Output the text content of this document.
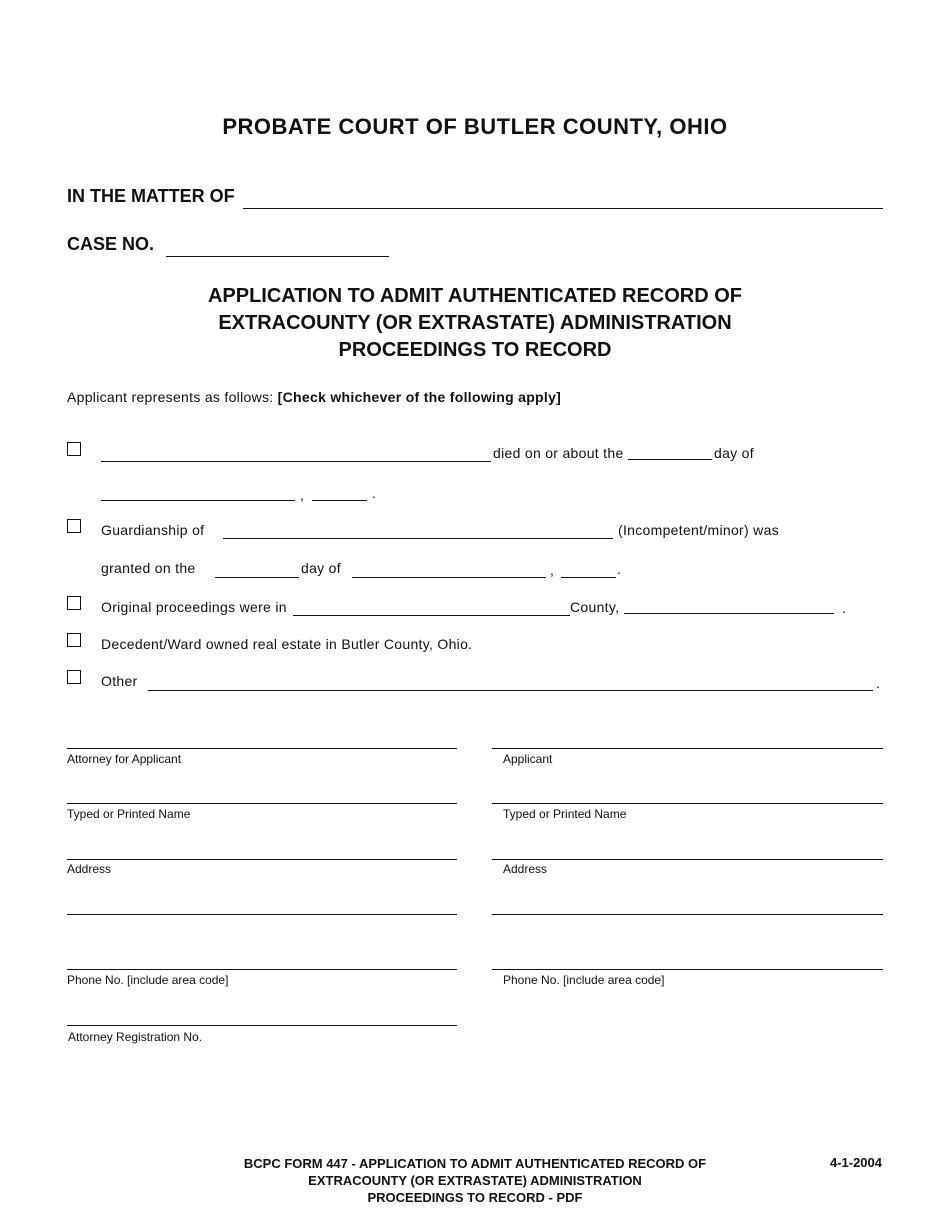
PROBATE COURT OF BUTLER COUNTY, OHIO
IN THE MATTER OF
CASE NO.
APPLICATION TO ADMIT AUTHENTICATED RECORD OF
EXTRACOUNTY (OR EXTRASTATE) ADMINISTRATION
PROCEEDINGS TO RECORD
Applicant represents as follows: [Check whichever of the following apply]
died on or about the	day of
,	.
Guardianship of	(Incompetent/minor) was
granted on the	day of	,	.
Original proceedings were in	County,	.
Decedent/Ward owned real estate in Butler County, Ohio.
Other	.
Attorney for Applicant
Typed or Printed Name
Address
Phone No. [include area code]
Attorney Registration No.
Applicant
Typed or Printed Name
Address
Phone No. [include area code]
BCPC FORM 447 - APPLICATION TO ADMIT AUTHENTICATED RECORD OF
EXTRACOUNTY (OR EXTRASTATE) ADMINISTRATION
PROCEEDINGS TO RECORD - PDF
4-1-2004
